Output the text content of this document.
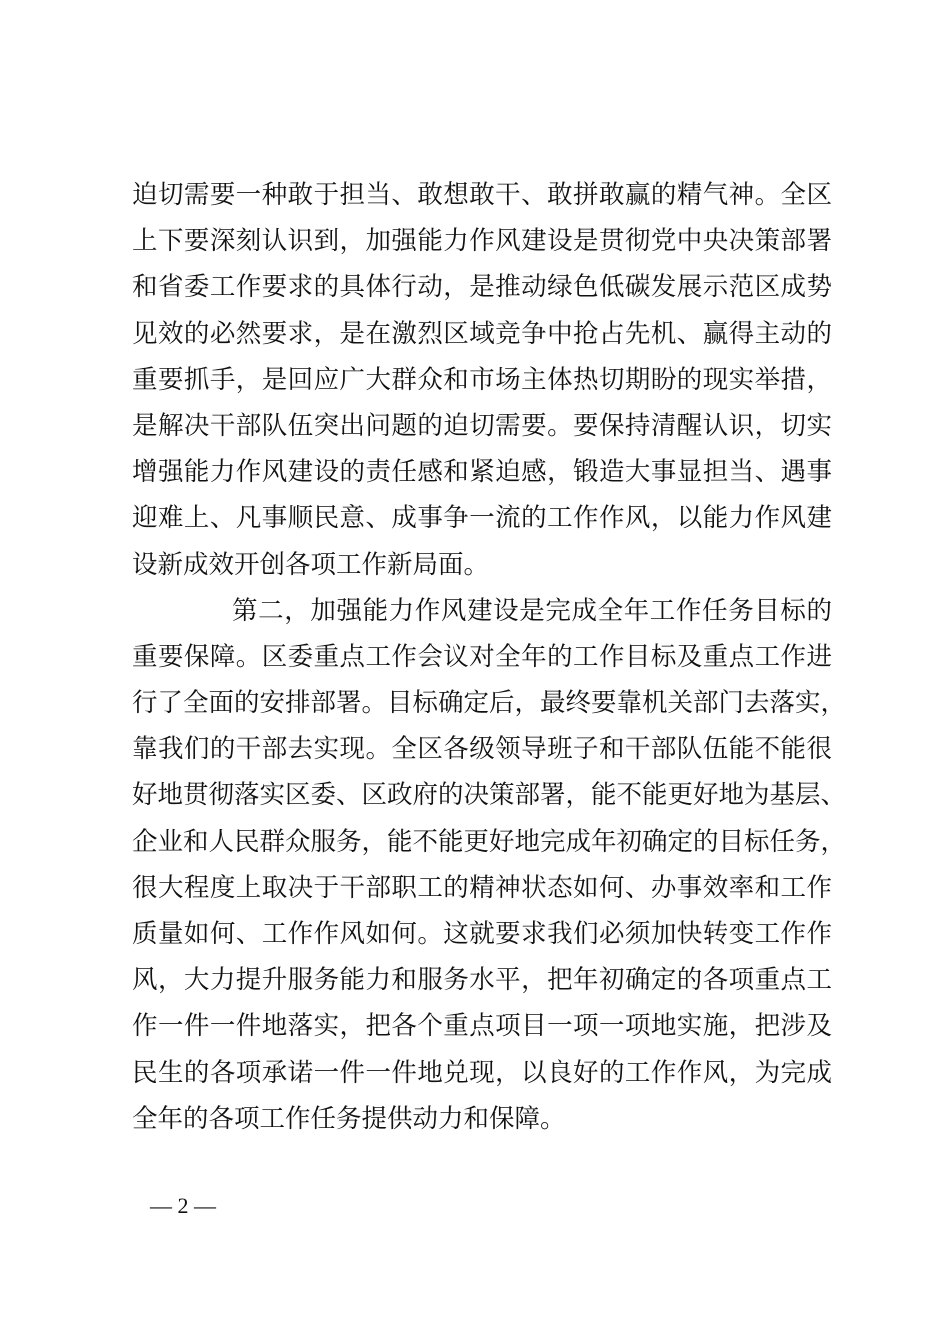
迫切需要一种敢于担当、敢想敢干、敢拼敢赢的精气神。全区
上下要深刻认识到，加强能力作风建设是贯彻党中央决策部署
和省委工作要求的具体行动，是推动绿色低碳发展示范区成势
见效的必然要求，是在激烈区域竞争中抢占先机、赢得主动的
重要抓手，是回应广大群众和市场主体热切期盼的现实举措，
是解决干部队伍突出问题的迫切需要。要保持清醒认识，切实
增强能力作风建设的责任感和紧迫感，锻造大事显担当、遇事
迎难上、凡事顺民意、成事争一流的工作作风，以能力作风建
设新成效开创各项工作新局面。
第二，加强能力作风建设是完成全年工作任务目标的
重要保障。区委重点工作会议对全年的工作目标及重点工作进
行了全面的安排部署。目标确定后，最终要靠机关部门去落实，
靠我们的干部去实现。全区各级领导班子和干部队伍能不能很
好地贯彻落实区委、区政府的决策部署，能不能更好地为基层、
企业和人民群众服务，能不能更好地完成年初确定的目标任务，
很大程度上取决于干部职工的精神状态如何、办事效率和工作
质量如何、工作作风如何。这就要求我们必须加快转变工作作
风，大力提升服务能力和服务水平，把年初确定的各项重点工
作一件一件地落实，把各个重点项目一项一项地实施，把涉及
民生的各项承诺一件一件地兑现，以良好的工作作风，为完成
全年的各项工作任务提供动力和保障。
— 2 —
